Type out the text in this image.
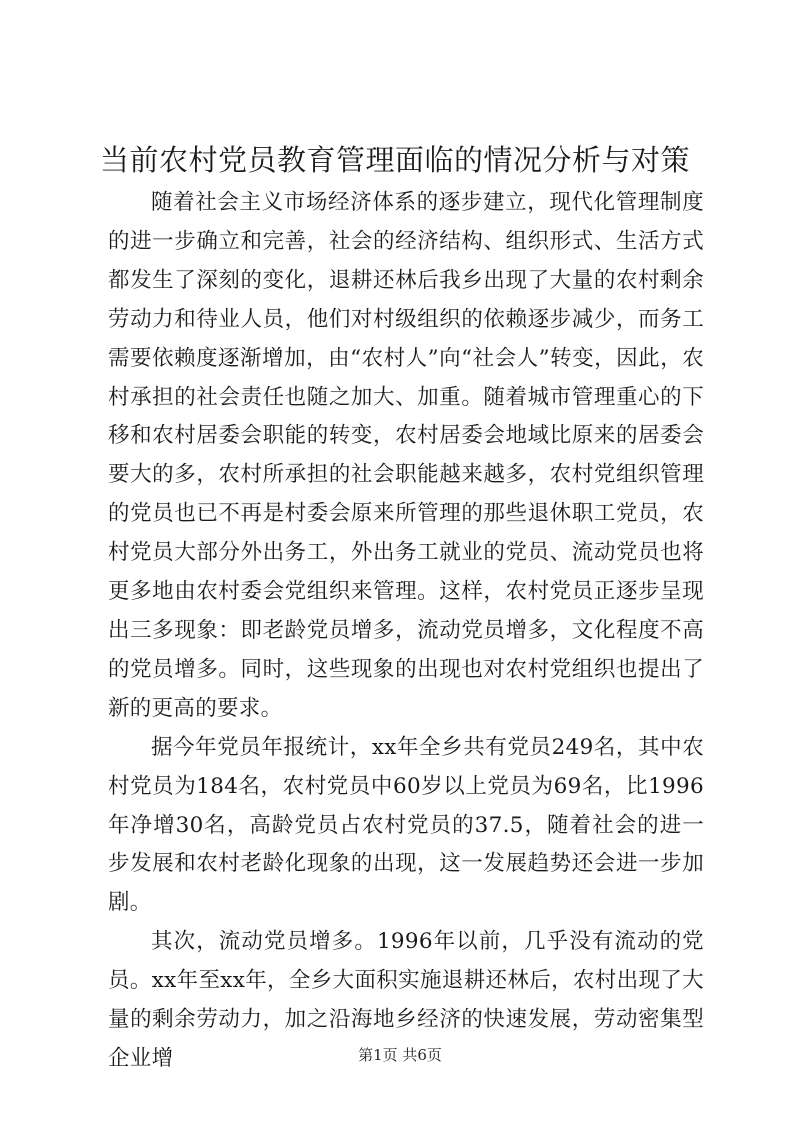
当前农村党员教育管理面临的情况分析与对策

随着社会主义市场经济体系的逐步建立，现代化管理制度的进一步确立和完善，社会的经济结构、组织形式、生活方式都发生了深刻的变化，退耕还林后我乡出现了大量的农村剩余劳动力和待业人员，他们对村级组织的依赖逐步减少，而务工需要依赖度逐渐增加，由“农村人”向“社会人”转变，因此，农村承担的社会责任也随之加大、加重。随着城市管理重心的下移和农村居委会职能的转变，农村居委会地域比原来的居委会要大的多，农村所承担的社会职能越来越多，农村党组织管理的党员也已不再是村委会原来所管理的那些退休职工党员，农村党员大部分外出务工，外出务工就业的党员、流动党员也将更多地由农村委会党组织来管理。这样，农村党员正逐步呈现出三多现象：即老龄党员增多，流动党员增多，文化程度不高的党员增多。同时，这些现象的出现也对农村党组织也提出了新的更高的要求。

据今年党员年报统计，xx年全乡共有党员249名，其中农村党员为184名，农村党员中60岁以上党员为69名，比1996年净增30名，高龄党员占农村党员的37.5，随着社会的进一步发展和农村老龄化现象的出现，这一发展趋势还会进一步加剧。

其次，流动党员增多。1996年以前，几乎没有流动的党员。xx年至xx年，全乡大面积实施退耕还林后，农村出现了大量的剩余劳动力，加之沿海地乡经济的快速发展，劳动密集型企业增	第1页 共6页
